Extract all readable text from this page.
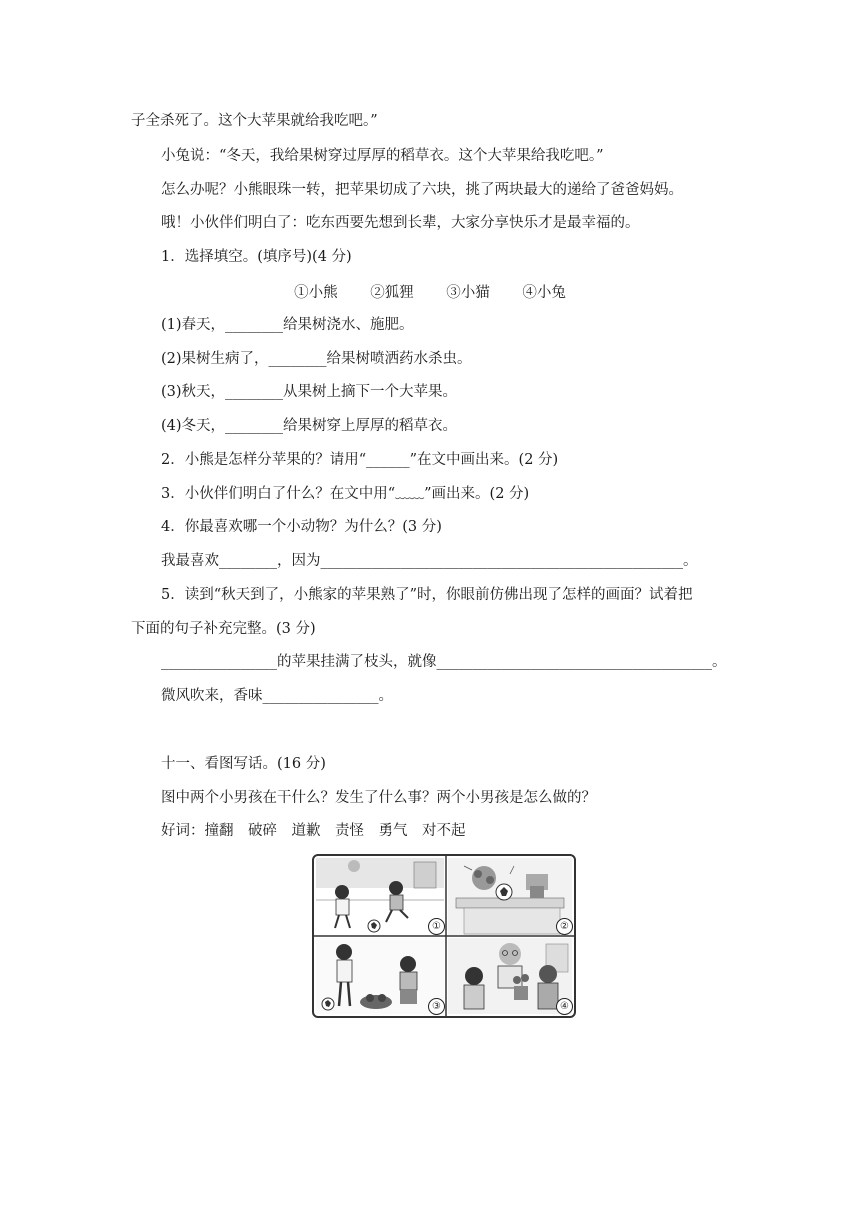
子全杀死了。这个大苹果就给我吃吧。”
小兔说：“冬天，我给果树穿过厚厚的稻草衣。这个大苹果给我吃吧。”
怎么办呢？小熊眼珠一转，把苹果切成了六块，挑了两块最大的递给了爸爸妈妈。
哦！小伙伴们明白了：吃东西要先想到长辈，大家分享快乐才是最幸福的。
1．选择填空。(填序号)(4 分)
①小熊 ②狐狸 ③小猫 ④小兔
(1)春天，________给果树浇水、施肥。
(2)果树生病了，________给果树喷洒药水杀虫。
(3)秋天，________从果树上摘下一个大苹果。
(4)冬天，________给果树穿上厚厚的稻草衣。
2．小熊是怎样分苹果的？请用“______”在文中画出来。(2 分)
3．小伙伴们明白了什么？在文中用“﹏﹏”画出来。(2 分)
4．你最喜欢哪一个小动物？为什么？(3 分)
我最喜欢________，因为__________________________________________________。
5．读到“秋天到了，小熊家的苹果熟了”时，你眼前仿佛出现了怎样的画面？试着把
下面的句子补充完整。(3 分)
________________的苹果挂满了枝头，就像______________________________________。
微风吹来，香味________________。
十一、看图写话。(16 分)
图中两个小男孩在干什么？发生了什么事？两个小男孩是怎么做的？
好词：撞翻　破碎　道歉　责怪　勇气　对不起
①	②
③	④
